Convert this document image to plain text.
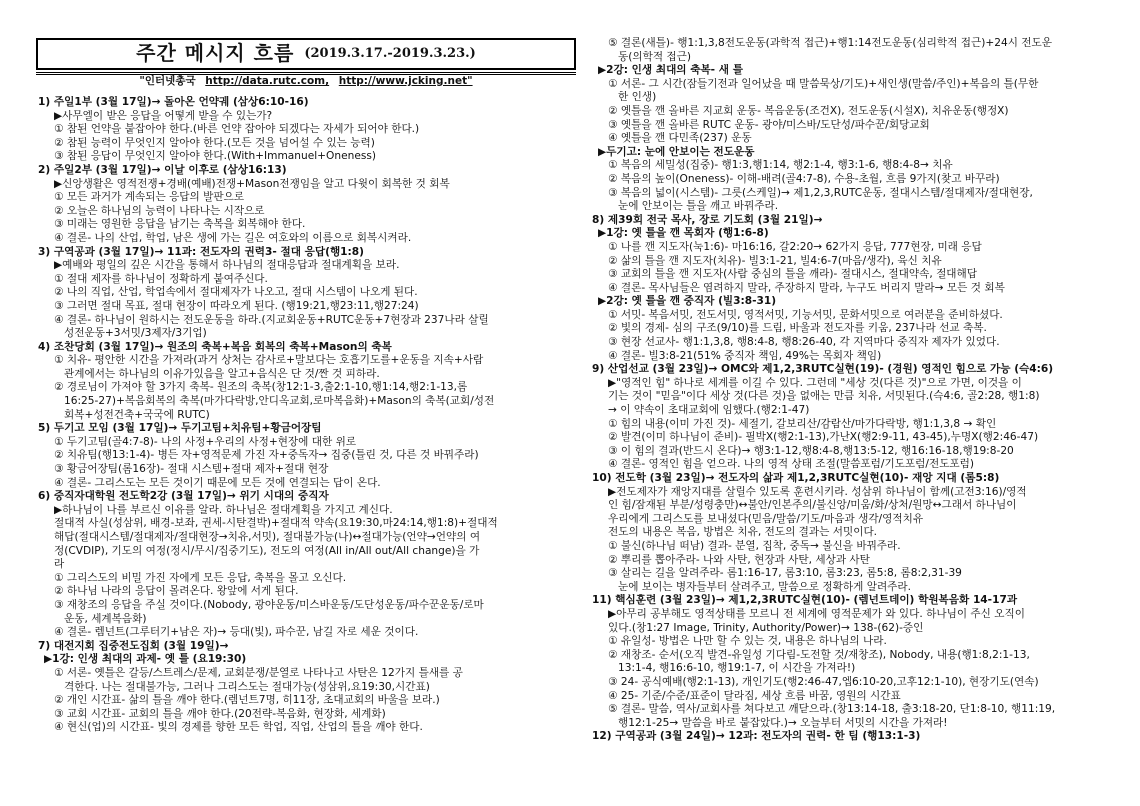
주간 메시지 흐름 (2019.3.17.-2019.3.23.)
"인터넷총국 http://data.rutc.com, http://www.jcking.net"
1) 주일1부 (3월 17일)→ 돌아온 언약궤 (삼상6:10-16)
▶사무엘이 받은 응답을 어떻게 받을 수 있는가?
① 참된 언약을 붙잡아야 한다.(바른 언약 잡아야 되겠다는 자세가 되어야 한다.)
② 참된 능력이 무엇인지 알아야 한다.(모든 것을 넘어설 수 있는 능력)
③ 참된 응답이 무엇인지 알아야 한다.(With+Immanuel+Oneness)
2) 주일2부 (3월 17일)→ 이날 이후로 (삼상16:13)
▶신앙생활은 영적전쟁+경배(예배)전쟁+Mason전쟁임을 알고 다윗이 회복한 것 회복
① 모든 과거가 계속되는 응답의 발판으로
② 오늘은 하나님의 능력이 나타나는 시작으로
③ 미래는 영원한 응답을 남기는 축복을 회복해야 한다.
④ 결론- 나의 산업, 학업, 남은 생에 가는 길은 여호와의 이름으로 회복시켜라.
3) 구역공과 (3월 17일)→ 11과: 전도자의 권력3- 절대 응답(행1:8)
▶예배와 평일의 깊은 시간을 통해서 하나님의 절대응답과 절대계획을 보라.
① 절대 제자를 하나님이 정확하게 붙여주신다.
② 나의 직업, 산업, 학업속에서 절대제자가 나오고, 절대 시스템이 나오게 된다.
③ 그러면 절대 목표, 절대 현장이 따라오게 된다. (행19:21,행23:11,행27:24)
④ 결론- 하나님이 원하시는 전도운동을 하라.(지교회운동+RUTC운동+7현장과 237나라 살릴
성전운동+3서밋/3제자/3기업)
4) 조찬당회 (3월 17일)→ 원조의 축복+복음 회복의 축복+Mason의 축복
① 치유- 평안한 시간을 가져라(과거 상처는 감사로+말보다는 호흡기도를+운동을 지속+사람
관계에서는 하나님의 이유가있음을 알고+음식은 단 것/짠 것 피하라.
② 경로님이 가져야 할 3가지 축복- 원조의 축복(창12:1-3,출2:1-10,행1:14,행2:1-13,롬
16:25-27)+복음회복의 축복(마가다락방,안디옥교회,로마복음화)+Mason의 축복(교회/성전
회복+성전건축+국국에 RUTC)
5) 두기고 모임 (3월 17일)→ 두기고팀+치유팀+황금어장팀
① 두기고팀(골4:7-8)- 나의 사정+우리의 사정+현장에 대한 위로
② 치유팀(행13:1-4)- 병든 자+영적문제 가진 자+중독자→ 집중(틀린 것, 다른 것 바꿔주라)
③ 황금어장팀(롬16장)- 절대 시스템+절대 제자+절대 현장
④ 결론- 그리스도는 모든 것이기 때문에 모든 것에 연결되는 답이 온다.
6) 중직자대학원 전도학2강 (3월 17일)→ 위기 시대의 중직자
▶하나님이 나를 부르신 이유를 알라. 하나님은 절대계획을 가지고 계신다.
절대적 사실(성삼위, 배경-보좌, 권세-시탄결박)+절대적 약속(요19:30,마24:14,행1:8)+절대적
해답(절대시스템/절대제자/절대현장→치유,서밋), 절대불가능(나)↔절대가능(언약→언약의 여
정(CVDIP), 기도의 여정(정시/무시/집중기도), 전도의 여정(All in/All out/All change)을 가
라
① 그리스도의 비밀 가진 자에게 모든 응답, 축복을 몰고 오신다.
② 하나님 나라의 응답이 몰려온다. 왕앞에 서게 된다.
③ 재창조의 응답을 주실 것이다.(Nobody, 광야운동/미스바운동/도단성운동/파수꾼운동/로마
운동, 세계복음화)
④ 결론- 렘넌트(그루터기+남은 자)→ 등대(빛), 파수꾼, 남길 자로 세운 것이다.
7) 대전지회 집중전도집회 (3월 19일)→
▶1강: 인생 최대의 과제- 옛 틀 (요19:30)
① 서론- 옛틀은 갈등/스트레스/문제, 교회분쟁/분열로 나타나고 사탄은 12가지 틀새를 공
격한다. 나는 절대불가능, 그러나 그리스도는 절대가능(성삼위,요19:30,시간표)
② 개인 시간표- 삶의 틀을 깨야 한다.(렘넌트7명, 히11장, 초대교회의 바울을 보라.)
③ 교회 시간표- 교회의 틀을 깨야 한다.(20전략-복음화, 현장화, 세계화)
④ 현신(업)의 시간표- 빛의 경제를 향한 모든 학업, 직업, 산업의 틀을 깨야 한다.
⑤ 결론(새틀)- 행1:1,3,8전도운동(과학적 접근)+행1:14전도운동(심리학적 접근)+24시 전도운
동(의학적 접근)
▶2강: 인생 최대의 축복- 새 틀
① 서론- 그 시간(잠들기전과 일어났을 때 말씀묵상/기도)+새인생(말씀/주인)+복음의 틀(무한
한 인생)
② 옛틀을 깬 올바른 지교회 운동- 복음운동(조건X), 전도운동(시설X), 치유운동(행정X)
③ 옛틀을 깬 올바른 RUTC 운동- 광야/미스바/도단성/파수꾼/회당교회
④ 옛틀을 깬 다민족(237) 운동
▶두기고: 눈에 안보이는 전도운동
① 복음의 세밀성(집중)- 행1:3,행1:14, 행2:1-4, 행3:1-6, 행8:4-8→ 치유
② 복음의 높이(Oneness)- 이해-배려(골4:7-8), 수용-초월, 흐름 9가지(찾고 바꾸라)
③ 복음의 넓이(시스템)- 그릇(스케일)→ 제1,2,3,RUTC운동, 절대시스템/절대제자/절대현장,
눈에 안보이는 틀을 깨고 바꿔주라.
8) 제39회 전국 목사, 장로 기도회 (3월 21일)→
▶1강: 옛 틀을 깬 목회자 (행1:6-8)
① 나를 깬 지도자(눅1:6)- 마16:16, 갈2:20→ 62가지 응답, 777현장, 미래 응답
② 삶의 틀을 깬 지도자(치유)- 빌3:1-21, 빌4:6-7(마음/생각), 육신 치유
③ 교회의 틀을 깬 지도자(사람 중심의 틀을 깨라)- 절대시스, 절대약속, 절대해답
④ 결론- 목사님들은 염려하지 말라, 주장하지 말라, 누구도 버리지 말라→ 모든 것 회복
▶2강: 옛 틀을 깬 중직자 (빌3:8-31)
① 서밋- 복음서밋, 전도서밋, 영적서밋, 기능서밋, 문화서밋으로 여러분을 준비하셨다.
② 빛의 경제- 심의 구조(9/10)를 드림, 바울과 전도자를 키움, 237나라 선교 축복.
③ 현장 선교사- 행1:1,3,8, 행8:4-8, 행8:26-40, 각 지역마다 중직자 제자가 있었다.
④ 결론- 빌3:8-21(51% 중직자 책임, 49%는 목회자 책임)
9) 산업선교 (3월 23일)→ OMC와 제1,2,3RUTC실현(19)- (경원) 영적인 힘으로 가능 (슥4:6)
▶"영적인 힘" 하나로 세계를 이길 수 있다. 그런데 "세상 것(다른 것)"으로 가면, 이것을 이
기는 것이 "믿음"이다 세상 것(다른 것)을 없애는 만큼 치유, 서밋된다.(슥4:6, 골2:28, 행1:8)
→ 이 약속이 초대교회에 임했다.(행2:1-47)
① 힘의 내용(이미 가진 것)- 세절기, 갈보리산/감람산/마가다락방, 행1:1,3,8 → 확인
② 발견(이미 하나님이 준비)- 필박X(행2:1-13),가난X(행2:9-11, 43-45),누명X(행2:46-47)
③ 이 힘의 결과(반드시 온다)→ 행3:1-12,행8:4-8,행13:5-12, 행16:16-18,행19:8-20
④ 결론- 영적인 힘을 얻으라. 나의 영적 상태 조절(말씀포럼/기도포럼/전도포럼)
10) 전도학 (3월 23일)→ 전도자의 삶과 제1,2,3RUTC실현(10)- 재앙 지대 (롬5:8)
▶전도제자가 재앙지대를 살릴수 있도록 훈련시키라. 성삼위 하나님이 함께(고전3:16)/영적
인 힘/잠재된 부분/성령충만)↔불안/인본주의/불신앙/미움/화/상처/원망↔그래서 하나님이
우리에게 그리스도를 보내셨다(믿음/말씀/기도/마음과 생각/영적치유
전도의 내용은 복음, 방법은 치유, 전도의 결과는 서밋이다.
① 불신(하나님 떠남) 결과- 분열, 집착, 중독→ 불신을 바꿔주라.
② 뿌리를 뽑아주라- 나와 사탄, 현장과 사탄, 세상과 사탄
③ 살리는 길을 알려주라- 롬1:16-17, 롬3:10, 롬3:23, 롬5:8, 롬8:2,31-39
눈에 보이는 병자들부터 살려주고, 말씀으로 정확하게 알려주라.
11) 핵심훈련 (3월 23일)→ 제1,2,3RUTC실현(10)- (렘넌트데이) 학원복음화 14-17과
▶아무리 공부해도 영적상태를 모르니 전 세계에 영적문제가 와 있다. 하나님이 주신 오직이
있다.(창1:27 Image, Trinity, Authority/Power)→ 138-(62)-증인
① 유일성- 방법은 나만 할 수 있는 것, 내용은 하나님의 나라.
② 재창조- 순서(오직 발견-유일성 기다림-도전할 것/재창조), Nobody, 내용(행1:8,2:1-13,
13:1-4, 행16:6-10, 행19:1-7, 이 시간을 가져라!)
③ 24- 공식예배(행2:1-13), 개인기도(행2:46-47,엡6:10-20,고후12:1-10), 현장기도(연속)
④ 25- 기준/수준/표준이 달라짐, 세상 흐름 바꿈, 영원의 시간표
⑤ 결론- 말씀, 역사/교회사를 쳐다보고 깨닫으라.(창13:14-18, 출3:18-20, 단1:8-10, 행11:19,
행12:1-25→ 말씀을 바로 붙잡았다.)→ 오늘부터 서밋의 시간을 가져라!
12) 구역공과 (3월 24일)→ 12과: 전도자의 권력- 한 팀 (행13:1-3)
